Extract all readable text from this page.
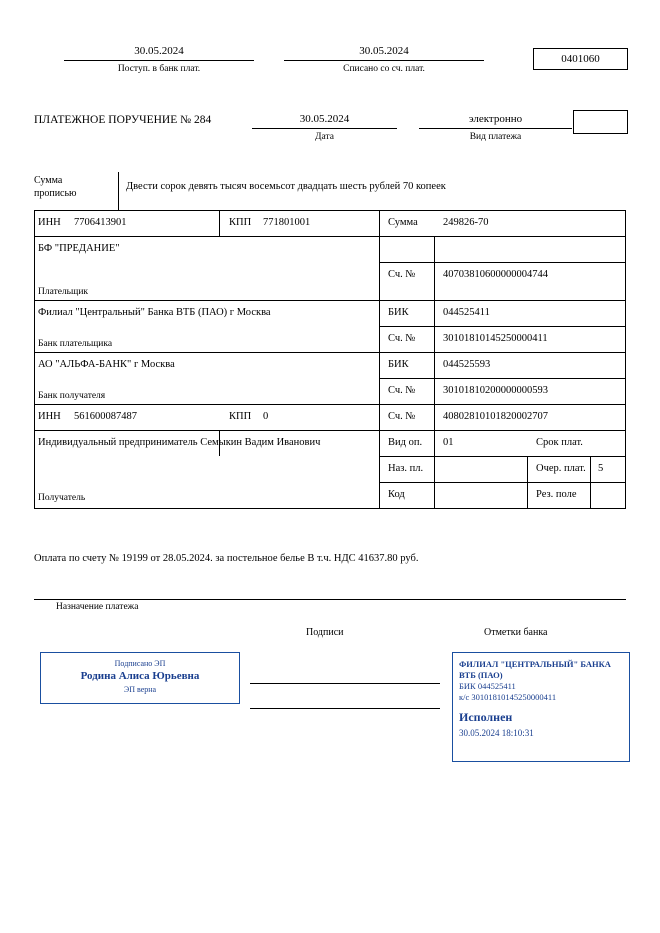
30.05.2024
Поступ. в банк плат.
30.05.2024
Списано со сч. плат.
0401060
ПЛАТЕЖНОЕ ПОРУЧЕНИЕ № 284	30.05.2024
Дата
электронно
Вид платежа
Сумма
прописью
Двести сорок девять тысяч восемьсот двадцать шесть рублей 70 копеек
ИНН 7706413901	КПП 771801001	Сумма	249826-70
БФ "ПРЕДАНИЕ"
Сч. №	40703810600000004744
Плательщик
Филиал "Центральный" Банка ВТБ (ПАО) г Москва	БИК	044525411
Сч. №	30101810145250000411
Банк плательщика
АО "АЛЬФА-БАНК" г Москва	БИК	044525593
Сч. №	30101810200000000593
Банк получателя
ИНН 561600087487	КПП 0	Сч. №	40802810101820002707
Индивидуальный предприниматель Семыкин Вадим Иванович	Вид оп.	01	Срок плат.
Наз. пл.	Очер. плат.	5
Код	Рез. поле
Получатель
Оплата по счету № 19199 от 28.05.2024. за постельное белье В т.ч. НДС 41637.80 руб.
Назначение платежа
Подписи	Отметки банка
Подписано ЭП
Родина Алиса Юрьевна
ЭП верна
ФИЛИАЛ "ЦЕНТРАЛЬНЫЙ" БАНКА
ВТБ (ПАО)
БИК 044525411
к/с 30101810145250000411
Исполнен
30.05.2024 18:10:31
